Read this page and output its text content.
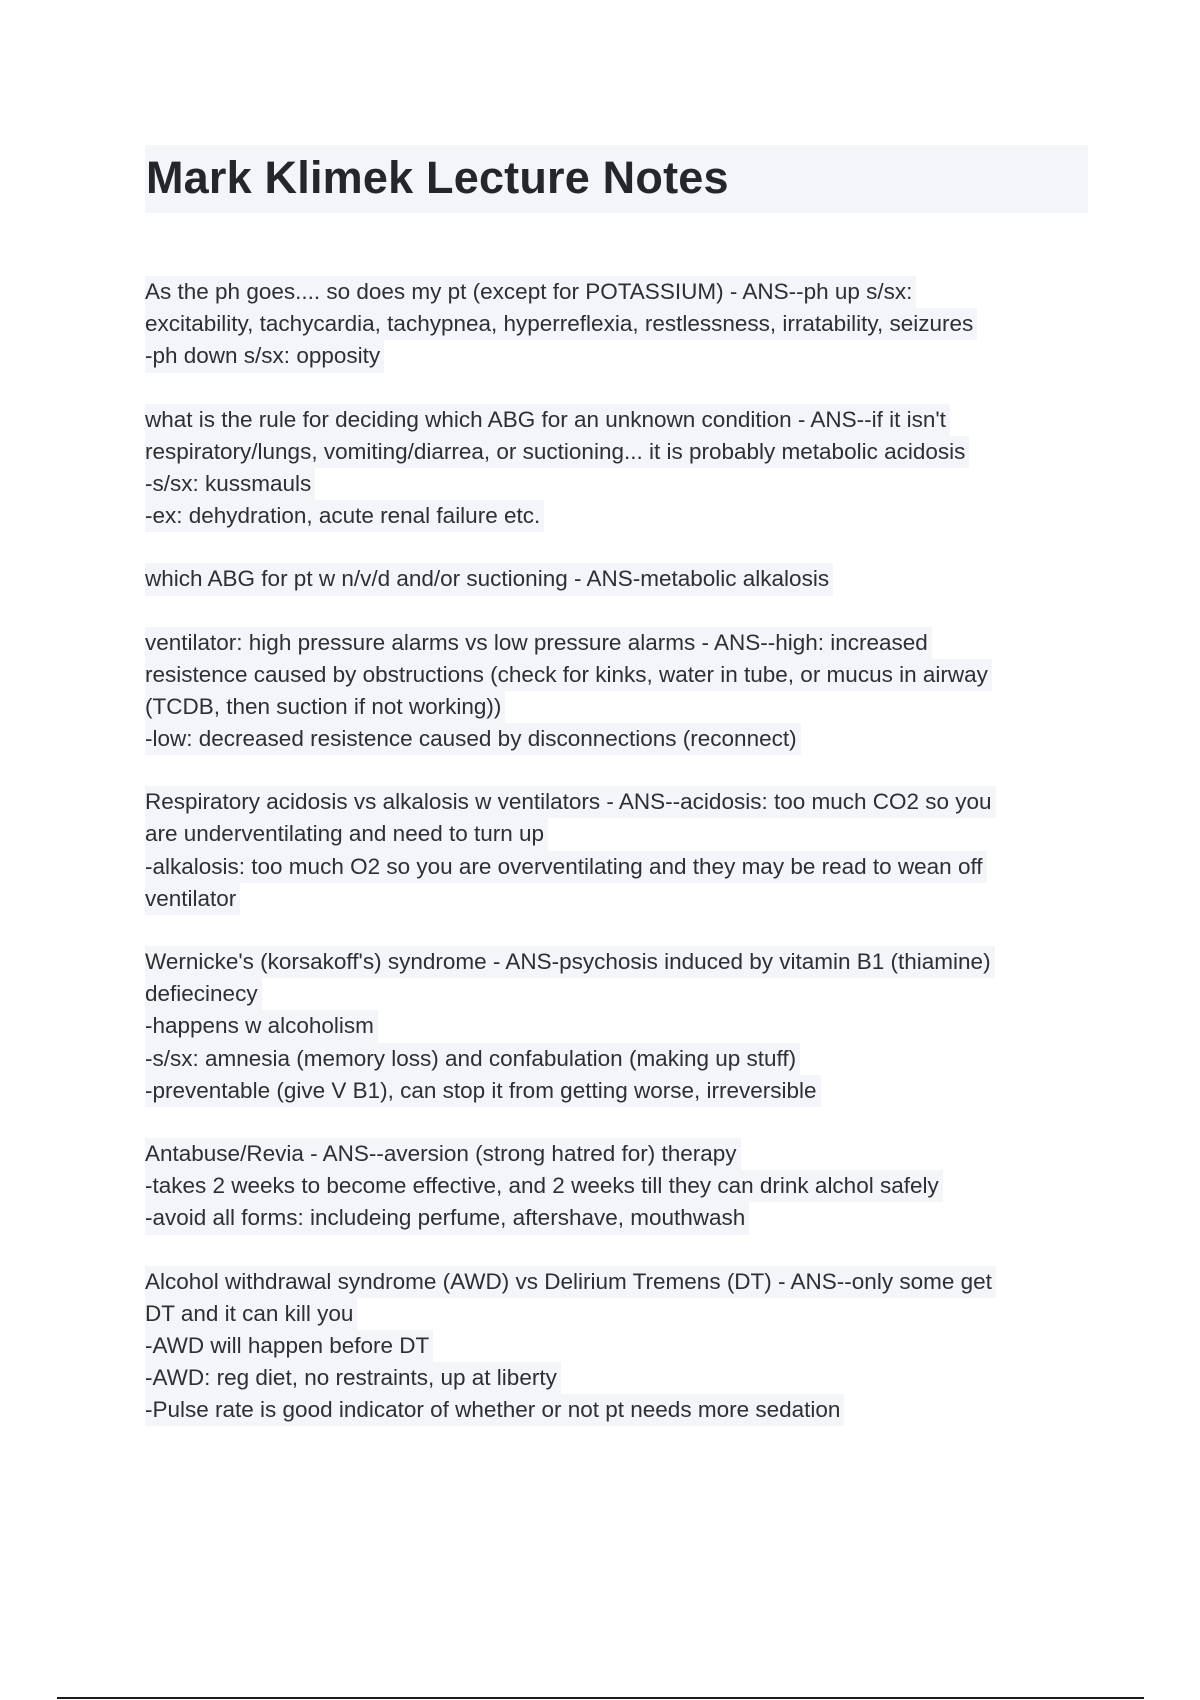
Mark Klimek Lecture Notes
As the ph goes.... so does my pt (except for POTASSIUM) - ANS--ph up s/sx:
excitability, tachycardia, tachypnea, hyperreflexia, restlessness, irratability, seizures
-ph down s/sx: opposity
what is the rule for deciding which ABG for an unknown condition - ANS--if it isn't
respiratory/lungs, vomiting/diarrea, or suctioning... it is probably metabolic acidosis
-s/sx: kussmauls
-ex: dehydration, acute renal failure etc.
which ABG for pt w n/v/d and/or suctioning - ANS-metabolic alkalosis
ventilator: high pressure alarms vs low pressure alarms - ANS--high: increased
resistence caused by obstructions (check for kinks, water in tube, or mucus in airway
(TCDB, then suction if not working))
-low: decreased resistence caused by disconnections (reconnect)
Respiratory acidosis vs alkalosis w ventilators - ANS--acidosis: too much CO2 so you
are underventilating and need to turn up
-alkalosis: too much O2 so you are overventilating and they may be read to wean off
ventilator
Wernicke's (korsakoff's) syndrome - ANS-psychosis induced by vitamin B1 (thiamine)
defiecinecy
-happens w alcoholism
-s/sx: amnesia (memory loss) and confabulation (making up stuff)
-preventable (give V B1), can stop it from getting worse, irreversible
Antabuse/Revia - ANS--aversion (strong hatred for) therapy
-takes 2 weeks to become effective, and 2 weeks till they can drink alchol safely
-avoid all forms: includeing perfume, aftershave, mouthwash
Alcohol withdrawal syndrome (AWD) vs Delirium Tremens (DT) - ANS--only some get
DT and it can kill you
-AWD will happen before DT
-AWD: reg diet, no restraints, up at liberty
-Pulse rate is good indicator of whether or not pt needs more sedation
